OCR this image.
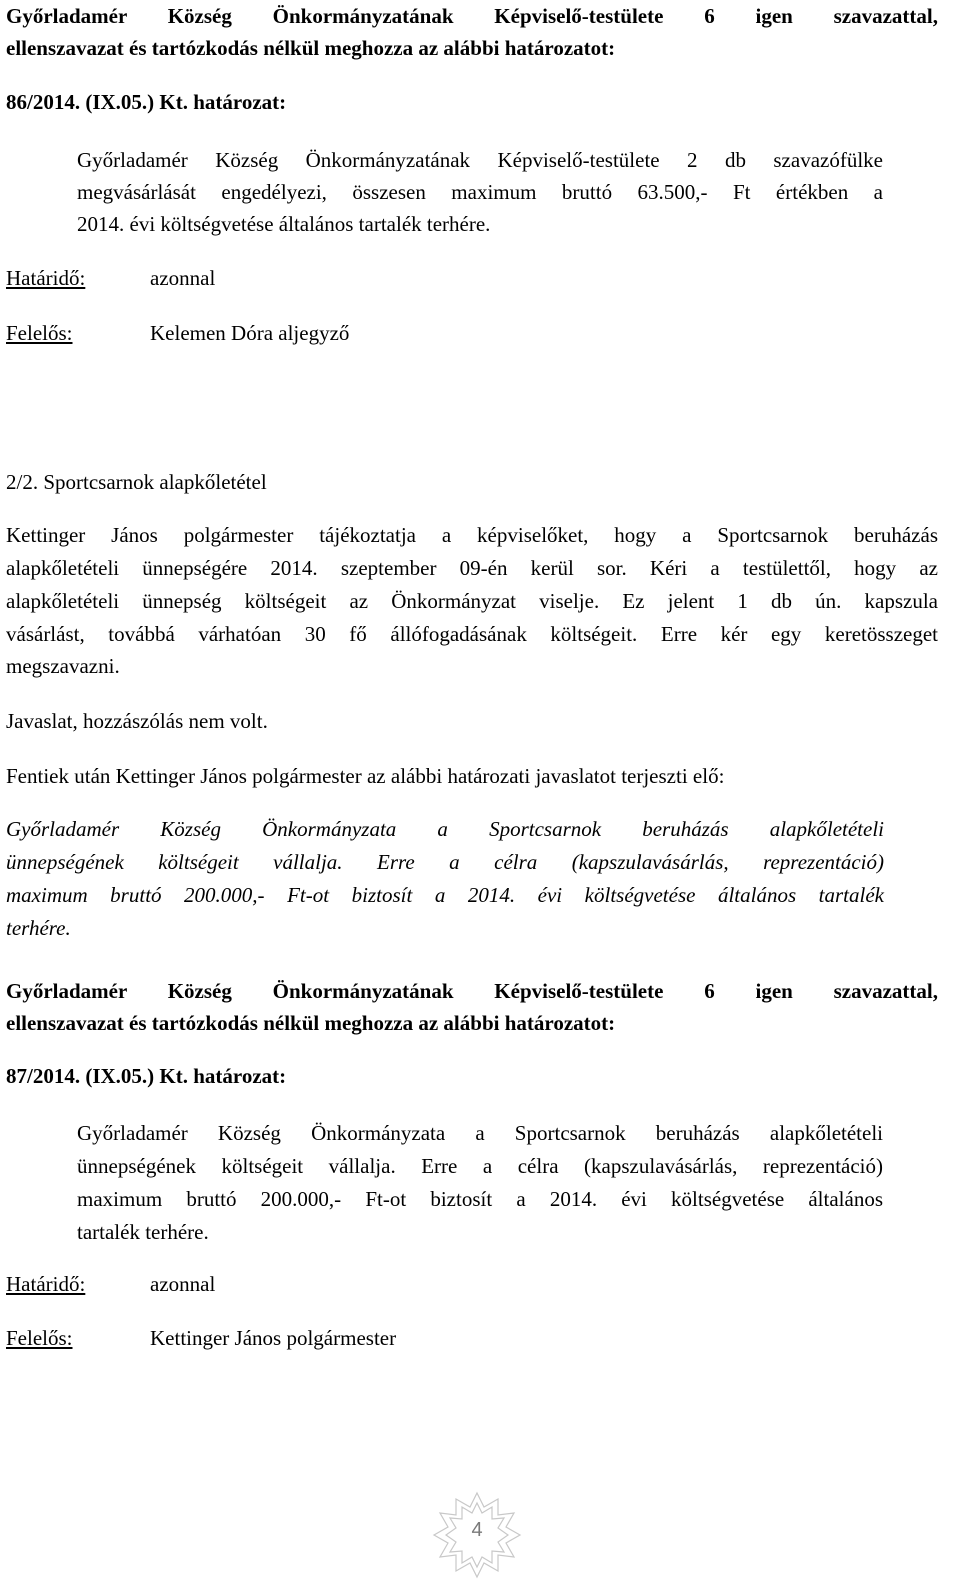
Győrladamér Község Önkormányzatának Képviselő-testülete 6 igen szavazattal,
ellenszavazat és tartózkodás nélkül meghozza az alábbi határozatot:
86/2014. (IX.05.) Kt. határozat:
Győrladamér Község Önkormányzatának Képviselő-testülete 2 db szavazófülke
megvásárlását engedélyezi, összesen maximum bruttó 63.500,- Ft értékben a
2014. évi költségvetése általános tartalék terhére.
Határidő:	azonnal
Felelős:	Kelemen Dóra aljegyző
2/2. Sportcsarnok alapkőletétel
Kettinger János polgármester tájékoztatja a képviselőket, hogy a Sportcsarnok beruházás
alapkőletételi ünnepségére 2014. szeptember 09-én kerül sor. Kéri a testülettől, hogy az
alapkőletételi ünnepség költségeit az Önkormányzat viselje. Ez jelent 1 db ún. kapszula
vásárlást, továbbá várhatóan 30 fő állófogadásának költségeit. Erre kér egy keretösszeget
megszavazni.
Javaslat, hozzászólás nem volt.
Fentiek után Kettinger János polgármester az alábbi határozati javaslatot terjeszti elő:
Győrladamér Község Önkormányzata a Sportcsarnok beruházás alapkőletételi
ünnepségének költségeit vállalja. Erre a célra (kapszulavásárlás, reprezentáció)
maximum bruttó 200.000,- Ft-ot biztosít a 2014. évi költségvetése általános tartalék
terhére.
Győrladamér Község Önkormányzatának Képviselő-testülete 6 igen szavazattal,
ellenszavazat és tartózkodás nélkül meghozza az alábbi határozatot:
87/2014. (IX.05.) Kt. határozat:
Győrladamér Község Önkormányzata a Sportcsarnok beruházás alapkőletételi
ünnepségének költségeit vállalja. Erre a célra (kapszulavásárlás, reprezentáció)
maximum bruttó 200.000,- Ft-ot biztosít a 2014. évi költségvetése általános
tartalék terhére.
Határidő:	azonnal
Felelős:	Kettinger János polgármester
4
